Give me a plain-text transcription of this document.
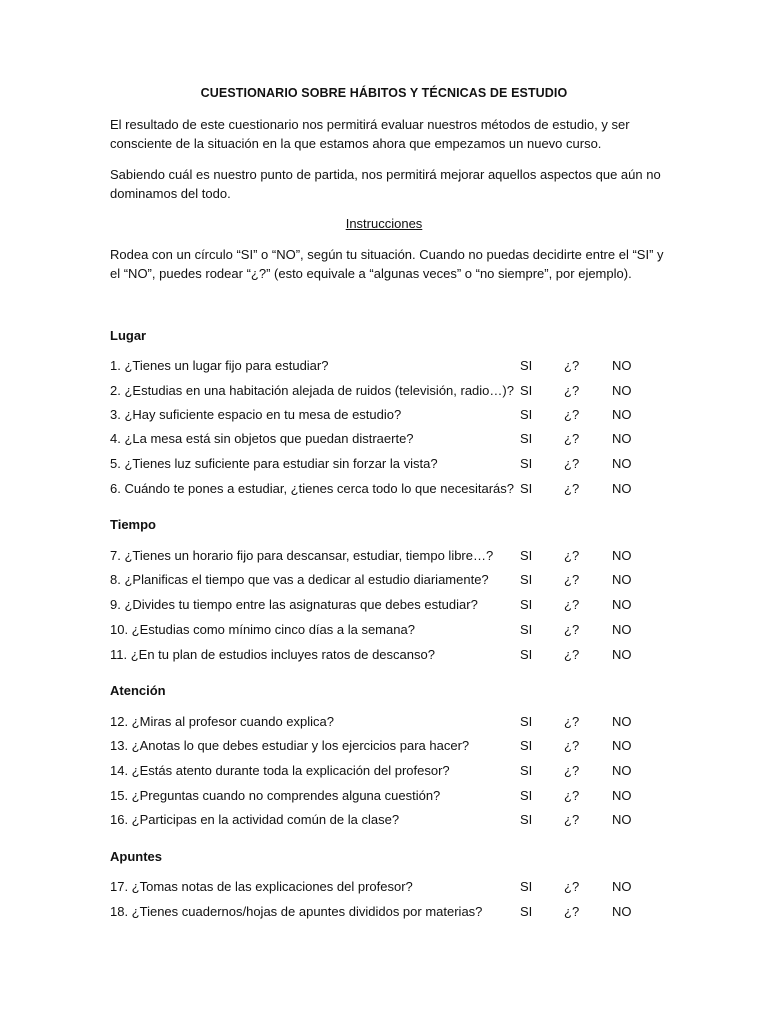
CUESTIONARIO SOBRE HÁBITOS Y TÉCNICAS DE ESTUDIO
El resultado de este cuestionario nos permitirá evaluar nuestros métodos de estudio, y ser consciente de la situación en la que estamos ahora que empezamos un nuevo curso.
Sabiendo cuál es nuestro punto de partida, nos permitirá mejorar aquellos aspectos que aún no dominamos del todo.
Instrucciones
Rodea con un círculo “SI” o “NO”, según tu situación. Cuando no puedas decidirte entre el “SI” y el “NO”, puedes rodear “¿?” (esto equivale a “algunas veces” o “no siempre”, por ejemplo).
Lugar
1. ¿Tienes un lugar fijo para estudiar?	SI ¿?	NO
2. ¿Estudias en una habitación alejada de ruidos (televisión, radio…)? SI ¿?	NO
3. ¿Hay suficiente espacio en tu mesa de estudio?	SI ¿?	NO
4. ¿La mesa está sin objetos que puedan distraerte?	SI ¿?	NO
5. ¿Tienes luz suficiente para estudiar sin forzar la vista?	SI ¿?	NO
6. Cuándo te pones a estudiar, ¿tienes cerca todo lo que necesitarás? SI ¿?	NO
Tiempo
7. ¿Tienes un horario fijo para descansar, estudiar, tiempo libre…? SI ¿?	NO
8. ¿Planificas el tiempo que vas a dedicar al estudio diariamente? SI ¿?	NO
9. ¿Divides tu tiempo entre las asignaturas que debes estudiar?	SI ¿?	NO
10. ¿Estudias como mínimo cinco días a la semana?	SI ¿?	NO
11. ¿En tu plan de estudios incluyes ratos de descanso?	SI ¿?	NO
Atención
12. ¿Miras al profesor cuando explica?	SI ¿?	NO
13. ¿Anotas lo que debes estudiar y los ejercicios para hacer?	SI ¿?	NO
14. ¿Estás atento durante toda la explicación del profesor?	SI ¿?	NO
15. ¿Preguntas cuando no comprendes alguna cuestión?	SI ¿?	NO
16. ¿Participas en la actividad común de la clase?	SI ¿?	NO
Apuntes
17. ¿Tomas notas de las explicaciones del profesor?	SI ¿?	NO
18. ¿Tienes cuadernos/hojas de apuntes divididos por materias?	SI ¿?	NO
